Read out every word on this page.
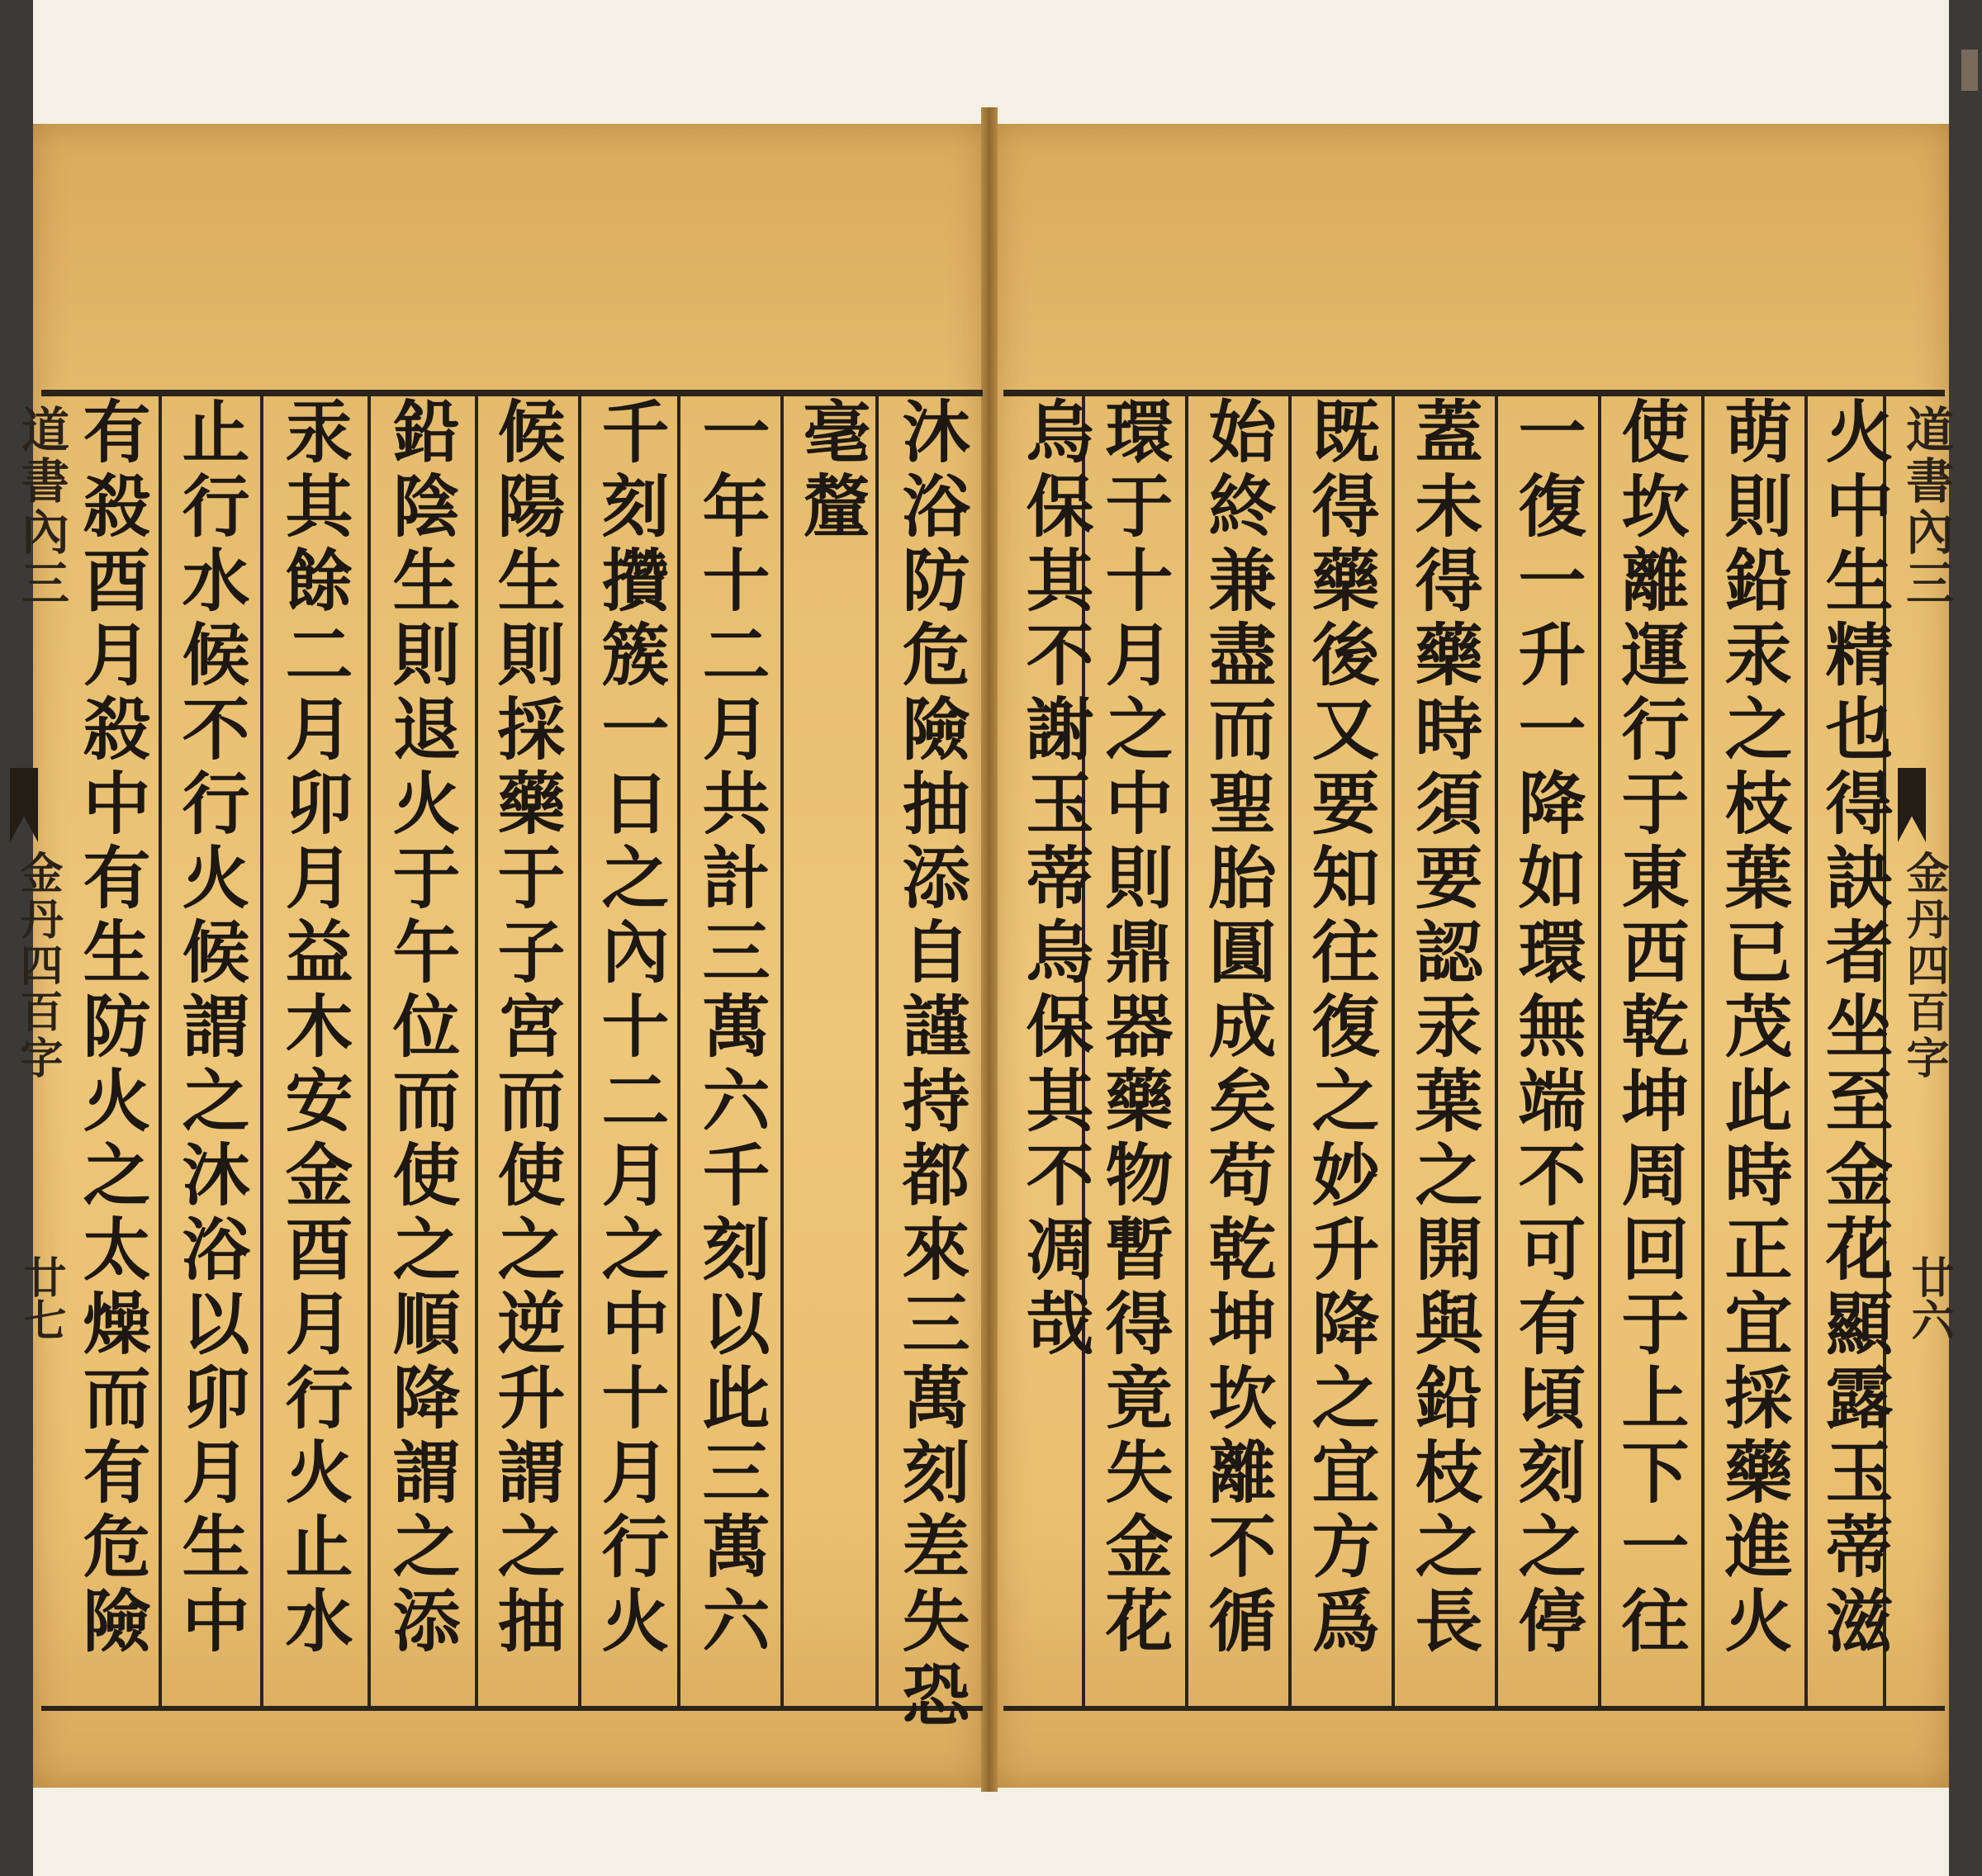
道書內三
金丹四百字
廿六
火中生精也得訣者坐至金花顯露玉蒂滋
萌則鉛汞之枝葉已茂此時正宜採藥進火
使坎離運行于東西乾坤周回于上下一往
一復一升一降如環無端不可有頃刻之停
蓋未得藥時須要認汞葉之開與鉛枝之長
既得藥後又要知往復之妙升降之宜方爲
始終兼盡而聖胎圓成矣苟乾坤坎離不循
環于十月之中則鼎器藥物暫得竟失金花
烏保其不謝玉蒂烏保其不凋哉
沐浴防危險抽添自謹持都來三萬刻差失恐
毫釐
一年十二月共計三萬六千刻以此三萬六
千刻攢簇一日之內十二月之中十月行火
候陽生則採藥于子宮而使之逆升謂之抽
鉛陰生則退火于午位而使之順降謂之添
汞其餘二月卯月益木安金酉月行火止水
止行水候不行火候謂之沐浴以卯月生中
有殺酉月殺中有生防火之太燥而有危險
道書內三
金丹四百字
廿七
